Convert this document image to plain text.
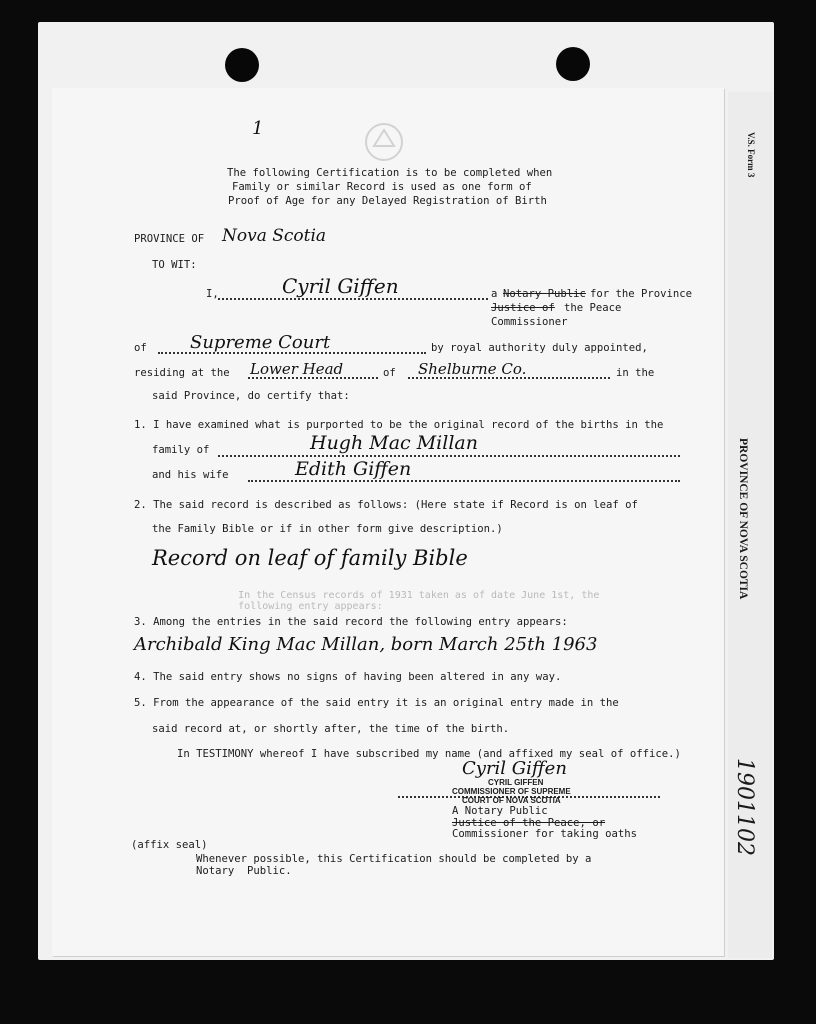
1
V.S. Form 3
PROVINCE OF NOVA SCOTIA
1901102
The following Certification is to be completed when
Family or similar Record is used as one form of
Proof of Age for any Delayed Registration of Birth
PROVINCE OF Nova Scotia
TO WIT:
I,	Cyril Giffen	a Notary Public for the Province
Justice of the Peace
Commissioner
of Supreme Court	by royal authority duly appointed,
residing at the Lower Head	of Shelburne Co.	in the
said Province, do certify that:
1. I have examined what is purported to be the original record of the births in the
family of	Hugh Mac Millan
and his wife	Edith Giffen
2. The said record is described as follows: (Here state if Record is on leaf of
the Family Bible or if in other form give description.)
Record on leaf of family Bible
In the Census records of 1931 taken as of date June 1st, the
following entry appears:
3. Among the entries in the said record the following entry appears:
Archibald King Mac Millan, born March 25th 1963
4. The said entry shows no signs of having been altered in any way.
5. From the appearance of the said entry it is an original entry made in the
said record at, or shortly after, the time of the birth.
In TESTIMONY whereof I have subscribed my name (and affixed my seal of office.)
Cyril Giffen
CYRIL GIFFEN
COMMISSIONER OF SUPREME
COURT OF NOVA SCOTIA
A Notary Public
Justice of the Peace, or
Commissioner for taking oaths
(affix seal)
Whenever possible, this Certification should be completed by a
Notary  Public.
